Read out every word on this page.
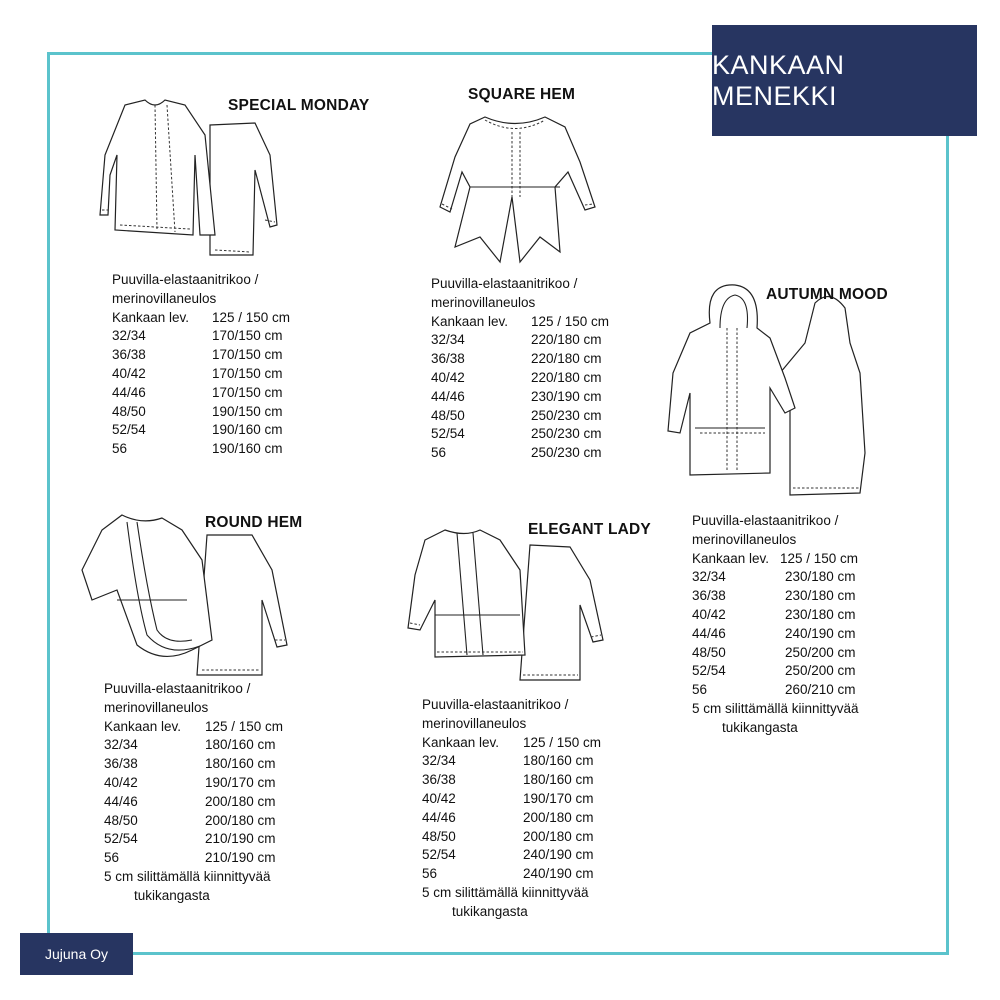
KANKAAN MENEKKI
SPECIAL MONDAY
Puuvilla-elastaanitrikoo /
merinovillaneulos
Kankaan lev.	125 / 150 cm
32/34	170/150 cm
36/38	170/150 cm
40/42	170/150 cm
44/46	170/150 cm
48/50	190/150 cm
52/54	190/160 cm
56	190/160 cm
SQUARE HEM
Puuvilla-elastaanitrikoo /
merinovillaneulos
Kankaan lev.	125 / 150 cm
32/34	220/180 cm
36/38	220/180 cm
40/42	220/180 cm
44/46	230/190 cm
48/50	250/230 cm
52/54	250/230 cm
56	250/230 cm
AUTUMN MOOD
Puuvilla-elastaanitrikoo /
merinovillaneulos
Kankaan lev. 125 / 150 cm
32/34	230/180 cm
36/38	230/180 cm
40/42	230/180 cm
44/46	240/190 cm
48/50	250/200 cm
52/54	250/200 cm
56	260/210 cm
5 cm silittämällä kiinnittyvää
tukikangasta
ROUND HEM
Puuvilla-elastaanitrikoo /
merinovillaneulos
Kankaan lev.	125 / 150 cm
32/34	180/160 cm
36/38	180/160 cm
40/42	190/170 cm
44/46	200/180 cm
48/50	200/180 cm
52/54	210/190 cm
56	210/190 cm
5 cm silittämällä kiinnittyvää
tukikangasta
ELEGANT LADY
Puuvilla-elastaanitrikoo /
merinovillaneulos
Kankaan lev.	125 / 150 cm
32/34	180/160 cm
36/38	180/160 cm
40/42	190/170 cm
44/46	200/180 cm
48/50	200/180 cm
52/54	240/190 cm
56	240/190 cm
5 cm silittämällä kiinnittyvää
tukikangasta
Jujuna Oy
